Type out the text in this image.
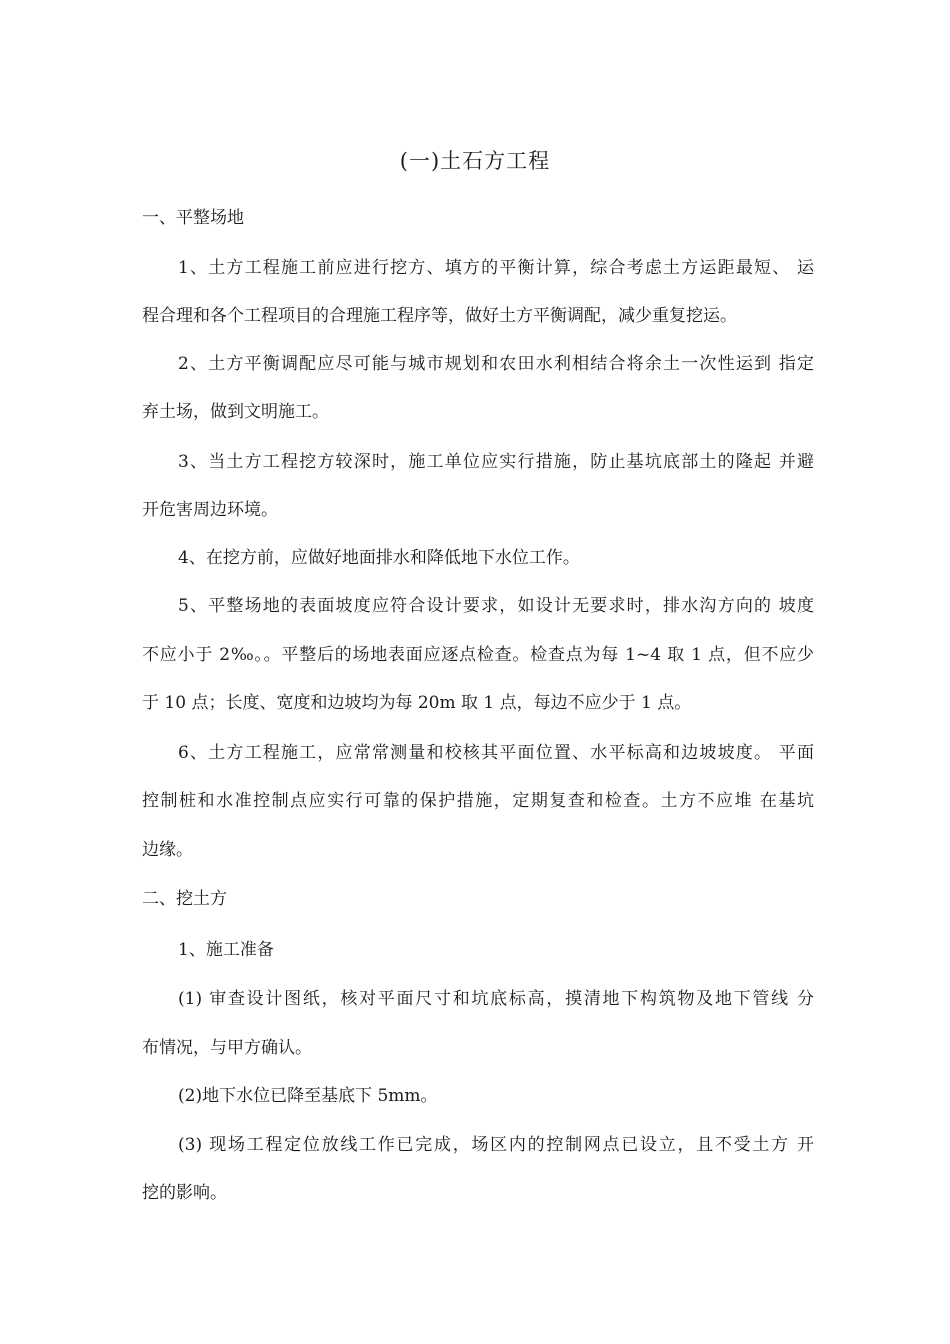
(一)土石方工程
一、平整场地
1、土方工程施工前应进行挖方、填方的平衡计算，综合考虑土方运距最短、 运
程合理和各个工程项目的合理施工程序等，做好土方平衡调配，减少重复挖运。
2、土方平衡调配应尽可能与城市规划和农田水利相结合将余土一次性运到 指定
弃土场，做到文明施工。
3、当土方工程挖方较深时，施工单位应实行措施，防止基坑底部土的隆起 并避
开危害周边环境。
4、在挖方前，应做好地面排水和降低地下水位工作。
5、平整场地的表面坡度应符合设计要求，如设计无要求时，排水沟方向的 坡度
不应小于 2‰。。平整后的场地表面应逐点检查。检查点为每 1~4 取 1 点，但不应少
于 10 点；长度、宽度和边坡均为每 20m 取 1 点，每边不应少于 1 点。
6、土方工程施工，应常常测量和校核其平面位置、水平标高和边坡坡度。 平面
控制桩和水准控制点应实行可靠的保护措施，定期复查和检查。土方不应堆 在基坑
边缘。
二、挖土方
1、施工准备
(1) 审查设计图纸，核对平面尺寸和坑底标高，摸清地下构筑物及地下管线 分
布情况，与甲方确认。
(2)地下水位已降至基底下 5mm。
(3) 现场工程定位放线工作已完成，场区内的控制网点已设立，且不受土方 开
挖的影响。
